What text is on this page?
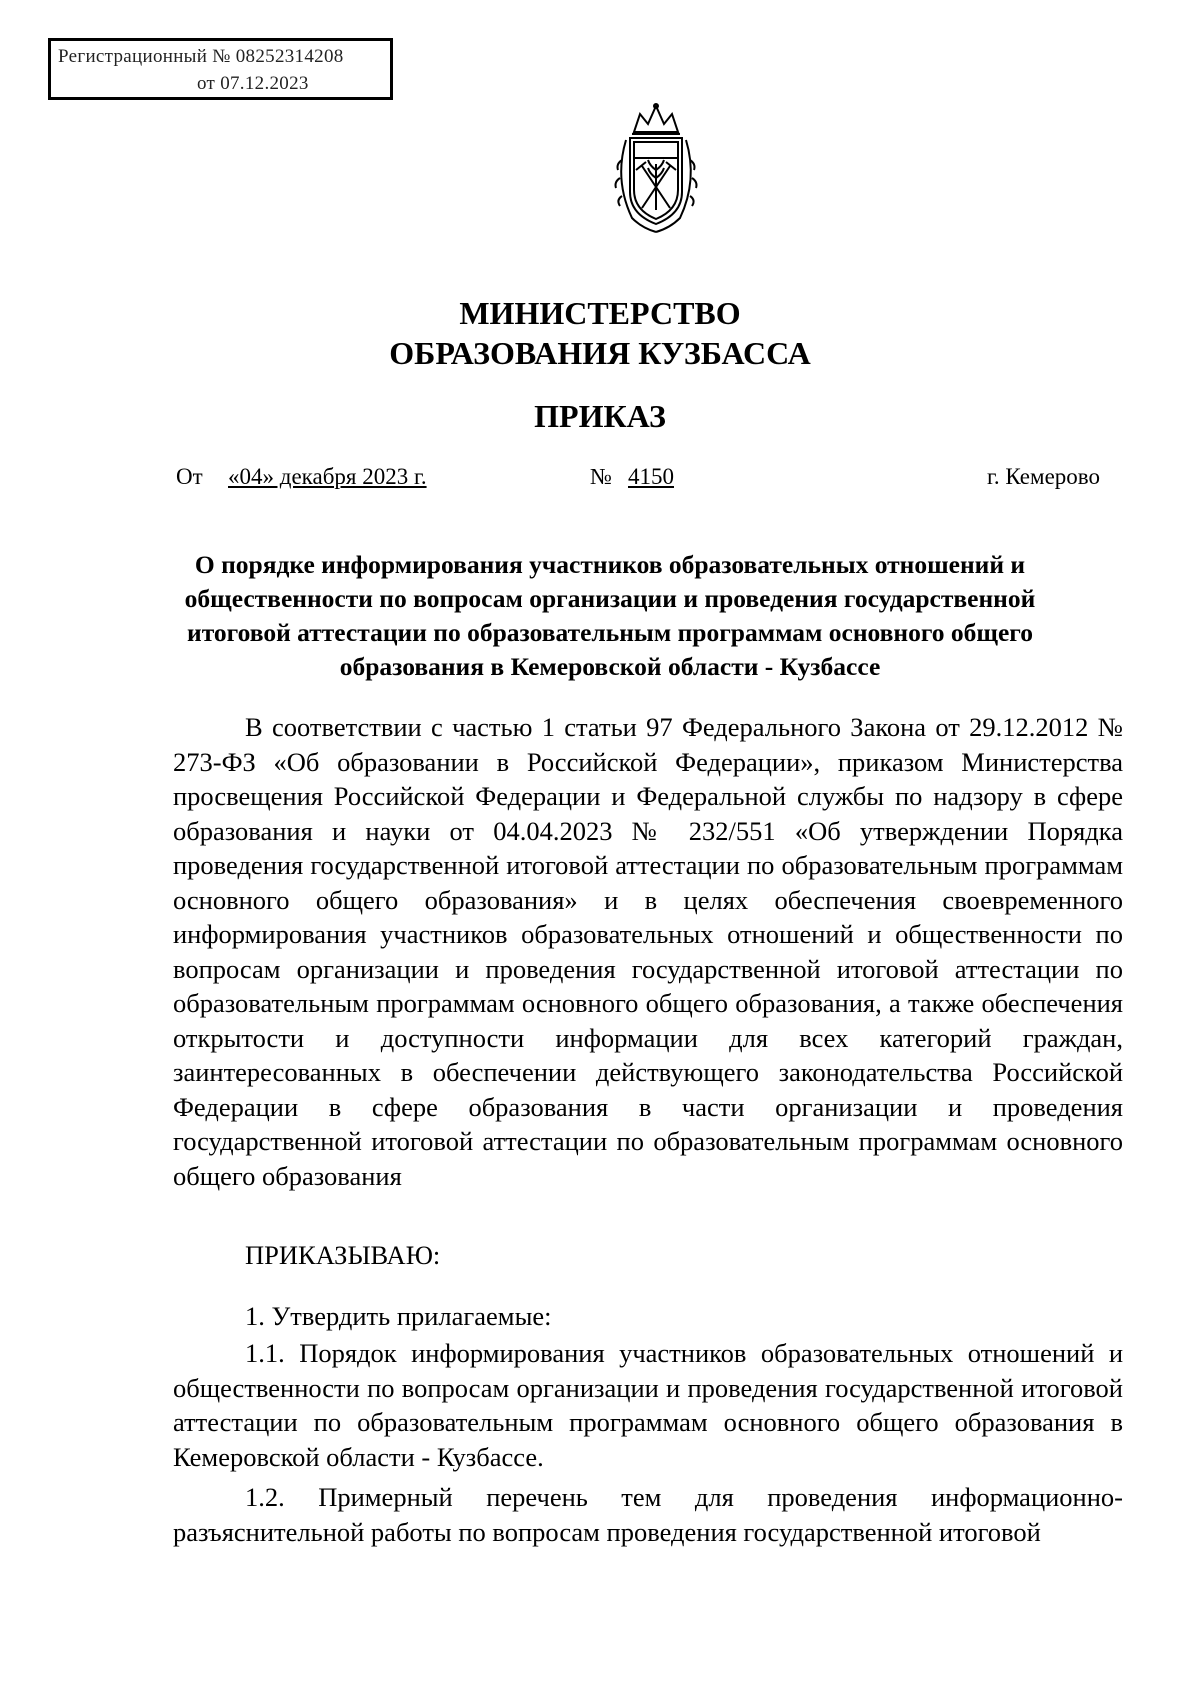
Регистрационный № 08252314208
от 07.12.2023
МИНИСТЕРСТВО
ОБРАЗОВАНИЯ КУЗБАССА
ПРИКАЗ
От «04» декабря 2023 г.	№ 4150	г. Кемерово
О порядке информирования участников образовательных отношений и общественности по вопросам организации и проведения государственной итоговой аттестации по образовательным программам основного общего образования в Кемеровской области - Кузбассе
В соответствии с частью 1 статьи 97 Федерального Закона от 29.12.2012 № 273-ФЗ «Об образовании в Российской Федерации», приказом Министерства просвещения Российской Федерации и Федеральной службы по надзору в сфере образования и науки от 04.04.2023 № 232/551 «Об утверждении Порядка проведения государственной итоговой аттестации по образовательным программам основного общего образования» и в целях обеспечения своевременного информирования участников образовательных отношений и общественности по вопросам организации и проведения государственной итоговой аттестации по образовательным программам основного общего образования, а также обеспечения открытости и доступности информации для всех категорий граждан, заинтересованных в обеспечении действующего законодательства Российской Федерации в сфере образования в части организации и проведения государственной итоговой аттестации по образовательным программам основного общего образования
ПРИКАЗЫВАЮ:
1. Утвердить прилагаемые:
1.1. Порядок информирования участников образовательных отношений и общественности по вопросам организации и проведения государственной итоговой аттестации по образовательным программам основного общего образования в Кемеровской области - Кузбассе.
1.2. Примерный перечень тем для проведения информационно-разъяснительной работы по вопросам проведения государственной итоговой
